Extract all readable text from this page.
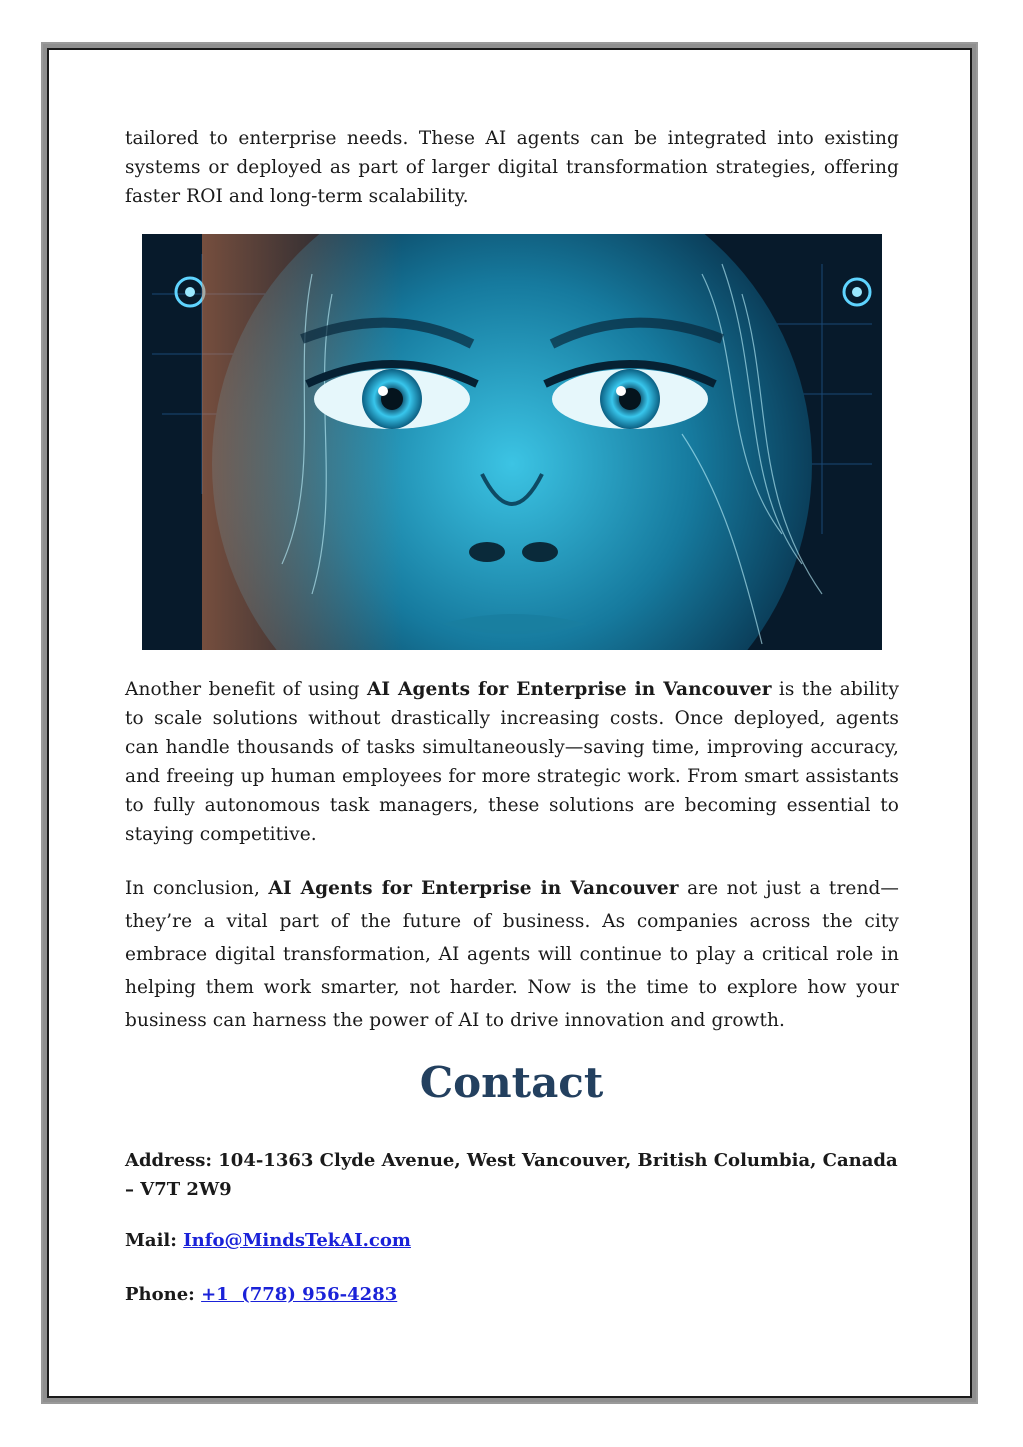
tailored to enterprise needs. These AI agents can be integrated into existing systems or deployed as part of larger digital transformation strategies, offering faster ROI and long-term scalability.

Another benefit of using AI Agents for Enterprise in Vancouver is the ability to scale solutions without drastically increasing costs. Once deployed, agents can handle thousands of tasks simultaneously—saving time, improving accuracy, and freeing up human employees for more strategic work. From smart assistants to fully autonomous task managers, these solutions are becoming essential to staying competitive.

In conclusion, AI Agents for Enterprise in Vancouver are not just a trend—they’re a vital part of the future of business. As companies across the city embrace digital transformation, AI agents will continue to play a critical role in helping them work smarter, not harder. Now is the time to explore how your business can harness the power of AI to drive innovation and growth.

Contact

Address: 104-1363 Clyde Avenue, West Vancouver, British Columbia, Canada – V7T 2W9

Mail: Info@MindsTekAI.com

Phone: +1  (778) 956-4283
